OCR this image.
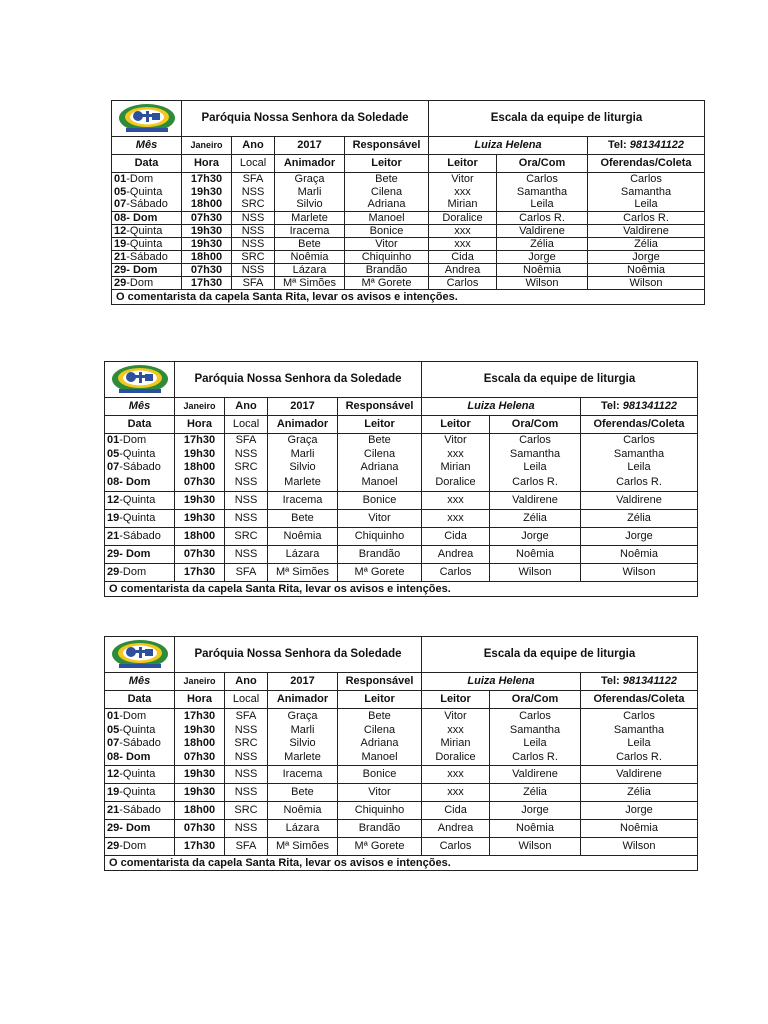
	Paróquia Nossa Senhora da Soledade				Escala da equipe de liturgia		
Mês	Janeiro	Ano	2017	Responsável	Luiza Helena		Tel: 981341122
Data	Hora	Local	Animador	Leitor	Leitor	Ora/Com	Oferendas/Coleta
01-Dom	17h30	SFA	Graça	Bete	Vitor	Carlos	Carlos
05-Quinta	19h30	NSS	Marli	Cilena	xxx	Samantha	Samantha
07-Sábado	18h00	SRC	Silvio	Adriana	Mirian	Leila	Leila
08- Dom	07h30	NSS	Marlete	Manoel	Doralice	Carlos R.	Carlos R.
12-Quinta	19h30	NSS	Iracema	Bonice	xxx	Valdirene	Valdirene
19-Quinta	19h30	NSS	Bete	Vitor	xxx	Zélia	Zélia
21-Sábado	18h00	SRC	Noêmia	Chiquinho	Cida	Jorge	Jorge
29- Dom	07h30	NSS	Lázara	Brandão	Andrea	Noêmia	Noêmia
29-Dom	17h30	SFA	Mª Simões	Mª Gorete	Carlos	Wilson	Wilson
O comentarista da capela Santa Rita, levar os avisos e intenções.							
	Paróquia Nossa Senhora da Soledade				Escala da equipe de liturgia		
Mês	Janeiro	Ano	2017	Responsável	Luiza Helena		Tel: 981341122
Data	Hora	Local	Animador	Leitor	Leitor	Ora/Com	Oferendas/Coleta
01-Dom	17h30	SFA	Graça	Bete	Vitor	Carlos	Carlos
05-Quinta	19h30	NSS	Marli	Cilena	xxx	Samantha	Samantha
07-Sábado	18h00	SRC	Silvio	Adriana	Mirian	Leila	Leila
08- Dom	07h30	NSS	Marlete	Manoel	Doralice	Carlos R.	Carlos R.
12-Quinta	19h30	NSS	Iracema	Bonice	xxx	Valdirene	Valdirene
19-Quinta	19h30	NSS	Bete	Vitor	xxx	Zélia	Zélia
21-Sábado	18h00	SRC	Noêmia	Chiquinho	Cida	Jorge	Jorge
29- Dom	07h30	NSS	Lázara	Brandão	Andrea	Noêmia	Noêmia
29-Dom	17h30	SFA	Mª Simões	Mª Gorete	Carlos	Wilson	Wilson
O comentarista da capela Santa Rita, levar os avisos e intenções.							
	Paróquia Nossa Senhora da Soledade				Escala da equipe de liturgia		
Mês	Janeiro	Ano	2017	Responsável	Luiza Helena		Tel: 981341122
Data	Hora	Local	Animador	Leitor	Leitor	Ora/Com	Oferendas/Coleta
01-Dom	17h30	SFA	Graça	Bete	Vitor	Carlos	Carlos
05-Quinta	19h30	NSS	Marli	Cilena	xxx	Samantha	Samantha
07-Sábado	18h00	SRC	Silvio	Adriana	Mirian	Leila	Leila
08- Dom	07h30	NSS	Marlete	Manoel	Doralice	Carlos R.	Carlos R.
12-Quinta	19h30	NSS	Iracema	Bonice	xxx	Valdirene	Valdirene
19-Quinta	19h30	NSS	Bete	Vitor	xxx	Zélia	Zélia
21-Sábado	18h00	SRC	Noêmia	Chiquinho	Cida	Jorge	Jorge
29- Dom	07h30	NSS	Lázara	Brandão	Andrea	Noêmia	Noêmia
29-Dom	17h30	SFA	Mª Simões	Mª Gorete	Carlos	Wilson	Wilson
O comentarista da capela Santa Rita, levar os avisos e intenções.							
